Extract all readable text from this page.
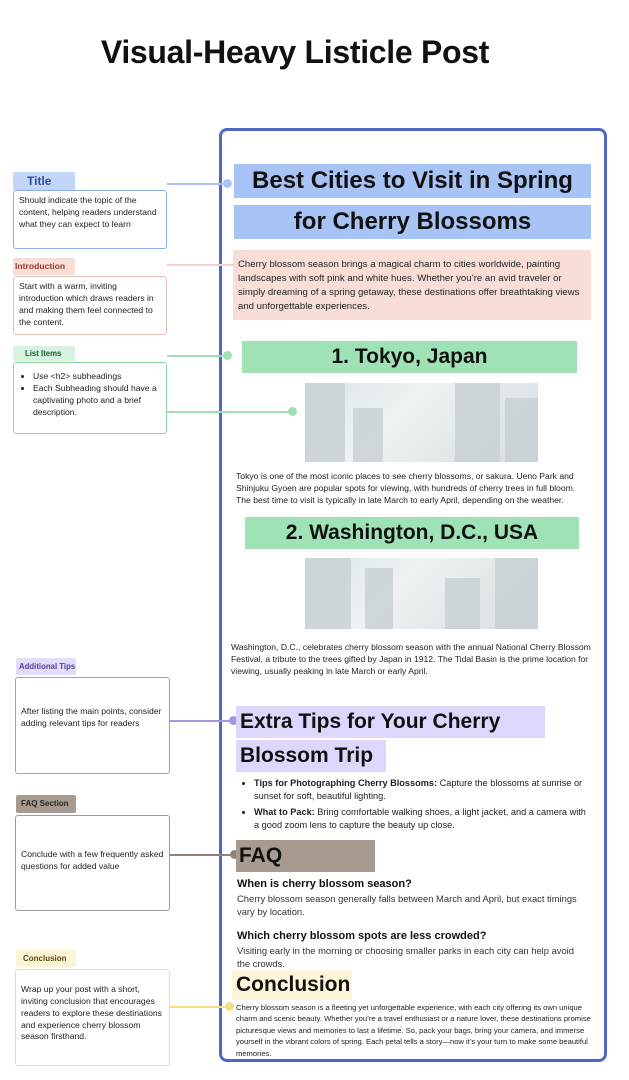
Visual-Heavy Listicle Post
Title
Should indicate the topic of the content, helping readers understand what they can expect to learn
Introduction
Start with a warm, inviting introduction which draws readers in and making them feel connected to the content.
List Items
• Use <h2> subheadings
• Each Subheading should have a captivating photo and a brief description.
Additional Tips
After listing the main points, consider adding relevant tips for readers
FAQ Section
Conclude with a few frequently asked questions for added value
Conclusion
Wrap up your post with a short, inviting conclusion that encourages readers to explore these destinations and experience cherry blossom season firsthand.
Best Cities to Visit in Spring
for Cherry Blossoms
Cherry blossom season brings a magical charm to cities worldwide, painting landscapes with soft pink and white hues. Whether you’re an avid traveler or simply dreaming of a spring getaway, these destinations offer breathtaking views and unforgettable experiences.
1. Tokyo, Japan
Tokyo is one of the most iconic places to see cherry blossoms, or sakura. Ueno Park and Shinjuku Gyoen are popular spots for viewing, with hundreds of cherry trees in full bloom. The best time to visit is typically in late March to early April, depending on the weather.
2. Washington, D.C., USA
Washington, D.C., celebrates cherry blossom season with the annual National Cherry Blossom Festival, a tribute to the trees gifted by Japan in 1912. The Tidal Basin is the prime location for viewing, usually peaking in late March or early April.
Extra Tips for Your Cherry
Blossom Trip
• Tips for Photographing Cherry Blossoms: Capture the blossoms at sunrise or sunset for soft, beautiful lighting.
• What to Pack: Bring comfortable walking shoes, a light jacket, and a camera with a good zoom lens to capture the beauty up close.
FAQ
When is cherry blossom season?
Cherry blossom season generally falls between March and April, but exact timings vary by location.
Which cherry blossom spots are less crowded?
Visiting early in the morning or choosing smaller parks in each city can help avoid the crowds.
Conclusion
Cherry blossom season is a fleeting yet unforgettable experience, with each city offering its own unique charm and scenic beauty. Whether you’re a travel enthusiast or a nature lover, these destinations promise picturesque views and memories to last a lifetime. So, pack your bags, bring your camera, and immerse yourself in the vibrant colors of spring. Each petal tells a story—now it’s your turn to make some beautiful memories.
